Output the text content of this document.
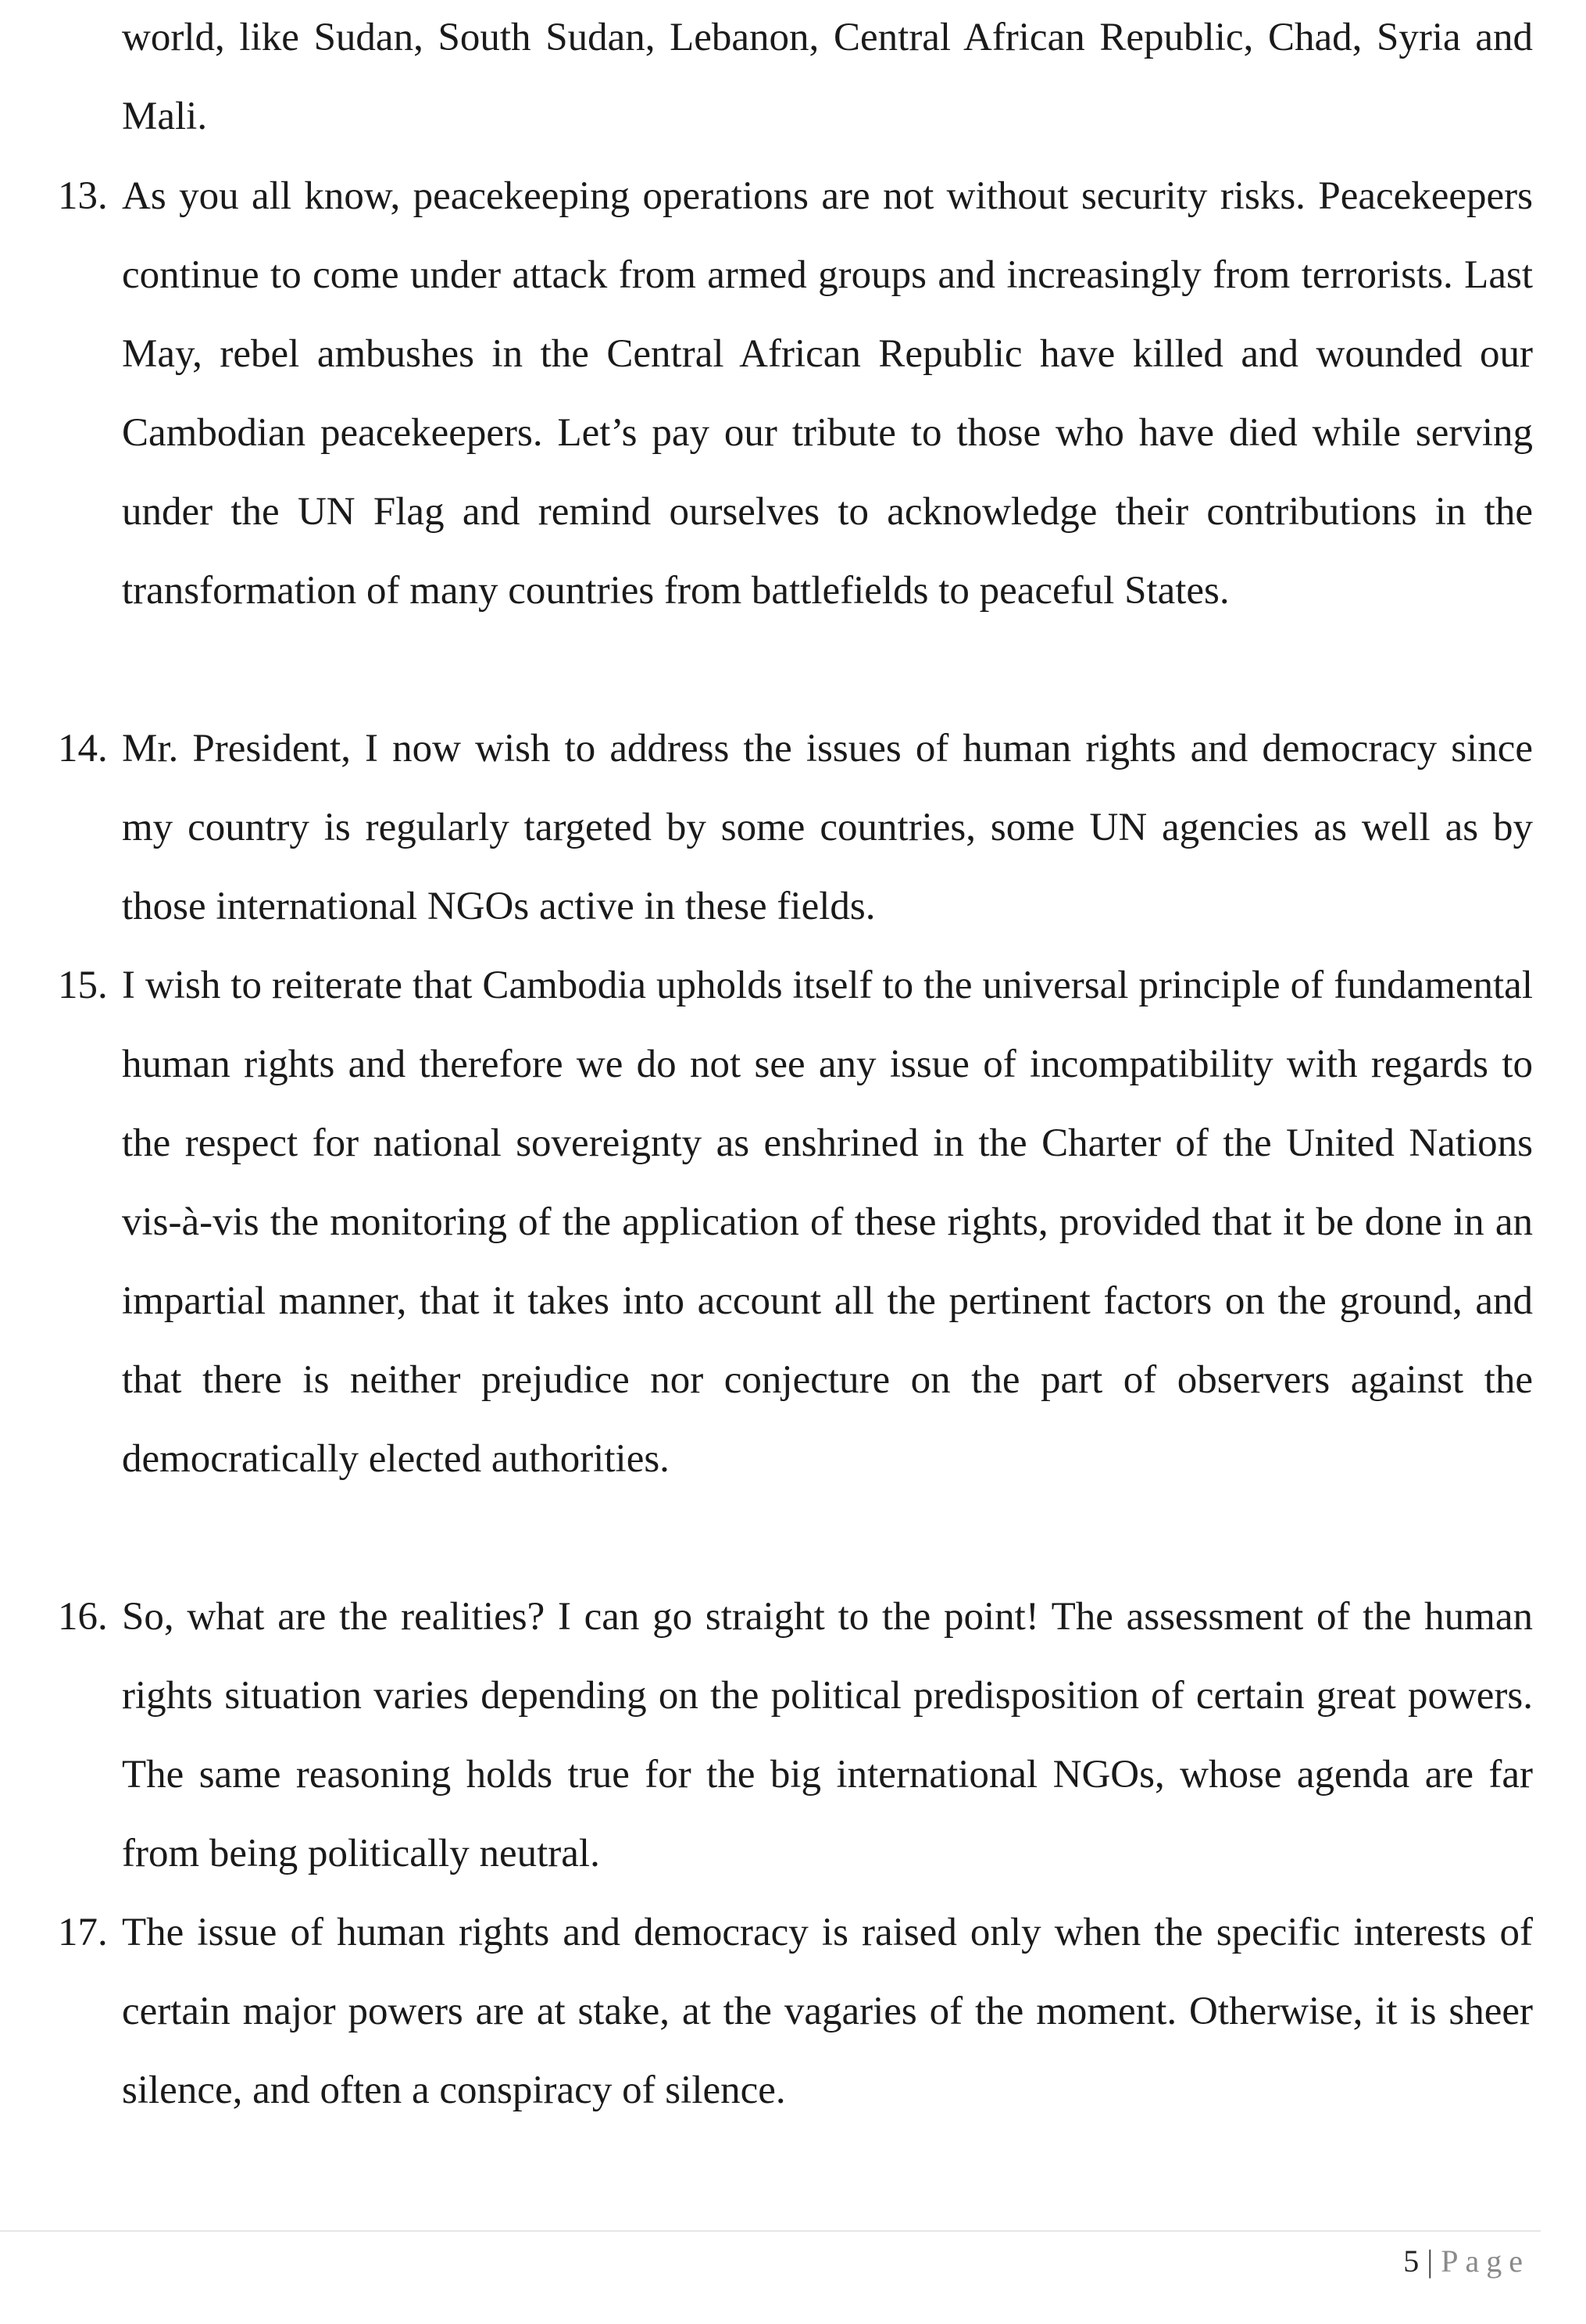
world, like Sudan, South Sudan, Lebanon, Central African Republic, Chad, Syria and Mali.
13. As you all know, peacekeeping operations are not without security risks. Peacekeepers continue to come under attack from armed groups and increasingly from terrorists. Last May, rebel ambushes in the Central African Republic have killed and wounded our Cambodian peacekeepers. Let’s pay our tribute to those who have died while serving under the UN Flag and remind ourselves to acknowledge their contributions in the transformation of many countries from battlefields to peaceful States.
14. Mr. President, I now wish to address the issues of human rights and democracy since my country is regularly targeted by some countries, some UN agencies as well as by those international NGOs active in these fields.
15. I wish to reiterate that Cambodia upholds itself to the universal principle of fundamental human rights and therefore we do not see any issue of incompatibility with regards to the respect for national sovereignty as enshrined in the Charter of the United Nations vis-à-vis the monitoring of the application of these rights, provided that it be done in an impartial manner, that it takes into account all the pertinent factors on the ground, and that there is neither prejudice nor conjecture on the part of observers against the democratically elected authorities.
16. So, what are the realities? I can go straight to the point! The assessment of the human rights situation varies depending on the political predisposition of certain great powers. The same reasoning holds true for the big international NGOs, whose agenda are far from being politically neutral.
17. The issue of human rights and democracy is raised only when the specific interests of certain major powers are at stake, at the vagaries of the moment. Otherwise, it is sheer silence, and often a conspiracy of silence.
5 | Page
